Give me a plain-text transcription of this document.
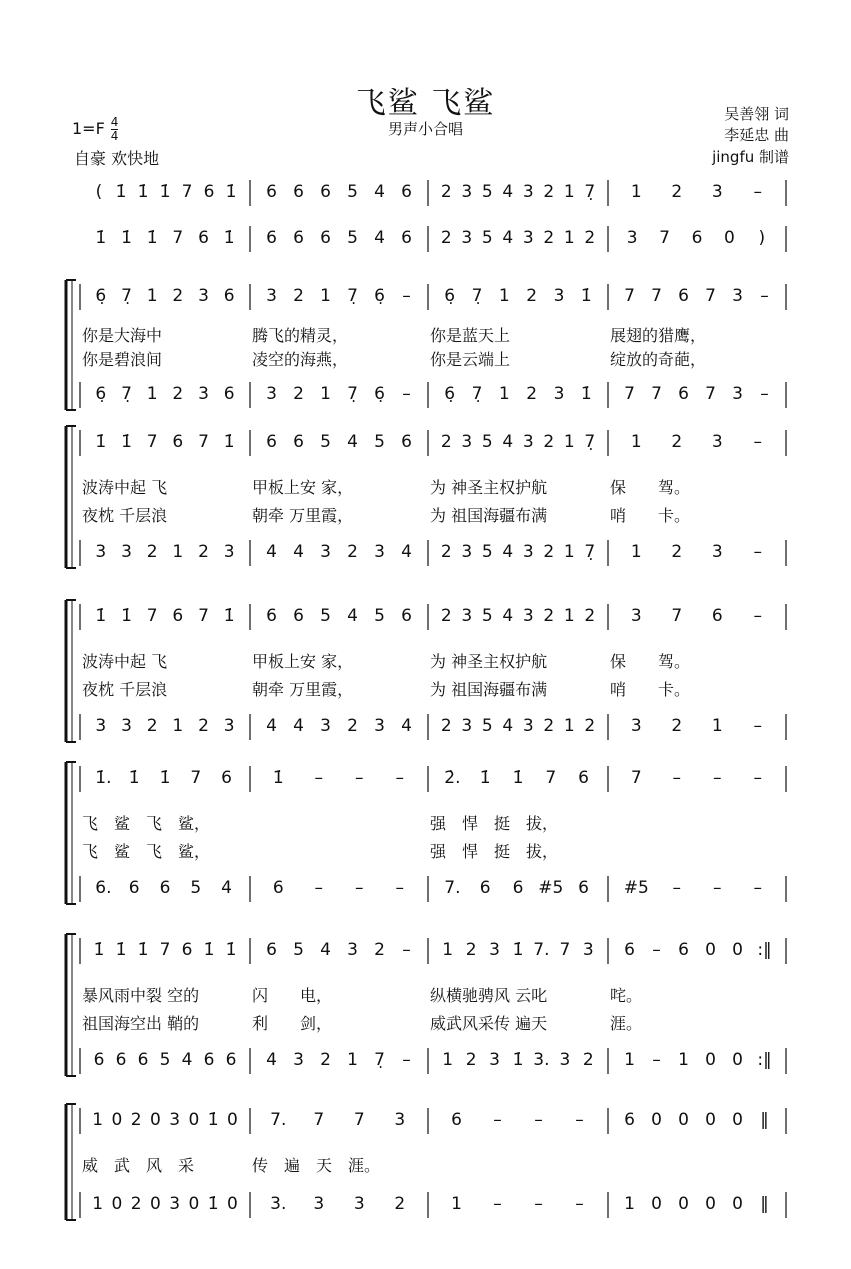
飞鲨 飞鲨
男声小合唱
$1=F \frac{4}{4}$
自豪 欢快地
吴善翎 词
李延忠 曲
jingfu 制谱
( 1̇ 1̇ 1̇ 7 6 1̇	6 6 6 5 4 6	2 3 5 4 3 2 1 7̣	1	2	3	–
1̇ 1̇ 1̇ 7 6 1̇	6 6 6 5 4 6	2 3 5 4 3 2 1 2	3	7	6	0	)
6̣ 7̣ 1 2 3 6	3 2 1 7̣ 6̣	–	6̣ 7̣ 1 2 3 1̇	7 7 6 7 3	–
你是大海中	腾飞的精灵，	你是蓝天上	展翅的猎鹰，
你是碧浪间	凌空的海燕，	你是云端上	绽放的奇葩，
6̣ 7̣ 1 2 3 6	3 2 1 7̣ 6̣	–	6̣ 7̣ 1 2 3 1̇	7 7 6 7 3	–
1̇ 1̇ 7 6 7 1̇	6 6 5 4 5 6	2 3 5 4 3 2 1 7̣	1	2	3	–
波涛中起 飞	甲板上安 家，	为 神圣主权护航	保　　驾。
夜枕 千层浪	朝牵 万里霞，	为 祖国海疆布满	哨　　卡。
3 3 2 1 2 3	4 4 3 2 3 4	2 3 5 4 3 2 1 7̣	1	2	3	–
1̇ 1̇ 7 6 7 1̇	6 6 5 4 5 6	2 3 5 4 3 2 1 2	3	7	6	–
波涛中起 飞	甲板上安 家，	为 神圣主权护航	保　　驾。
夜枕 千层浪	朝牵 万里霞，	为 祖国海疆布满	哨　　卡。
3 3 2 1 2 3	4 4 3 2 3 4	2 3 5 4 3 2 1 2	3	2	1	–
1̇.	1̇	1̇	7	6	1̇	–	–	–	2̇.	1̇	1̇	7	6	7	–	–	–
飞　鲨　飞　鲨，	强　悍　挺　拔，
飞　鲨　飞　鲨，	强　悍　挺　拔，
6.	6	6	5	4	6	–	–	–	7.	6	6 #5 6	#5	–	–	–
1̇ 1̇ 1̇ 7 6 1̇ 1̇	6 5 4 3 2	–	1 2 3 1̇ 7. 7 3	6	–	6 0 0 :‖
暴风雨中裂 空的	闪　　电，	纵横驰骋风 云叱	咤。
祖国海空出 鞘的	利　　剑，	威武风采传 遍天	涯。
6 6 6 5 4 6 6	4 3 2 1 7̣	–	1 2 3 1̇ 3. 3 2	1	–	1 0 0 :‖
1 0 2 0 3 0 1̇ 0	7.	7	7	3	6	–	–	–	6 0 0 0 0	‖
威　武　风　采	传　遍　天　涯。
1 0 2 0 3 0 1̇ 0	3.	3	3	2	1	–	–	–	1 0 0 0 0	‖
